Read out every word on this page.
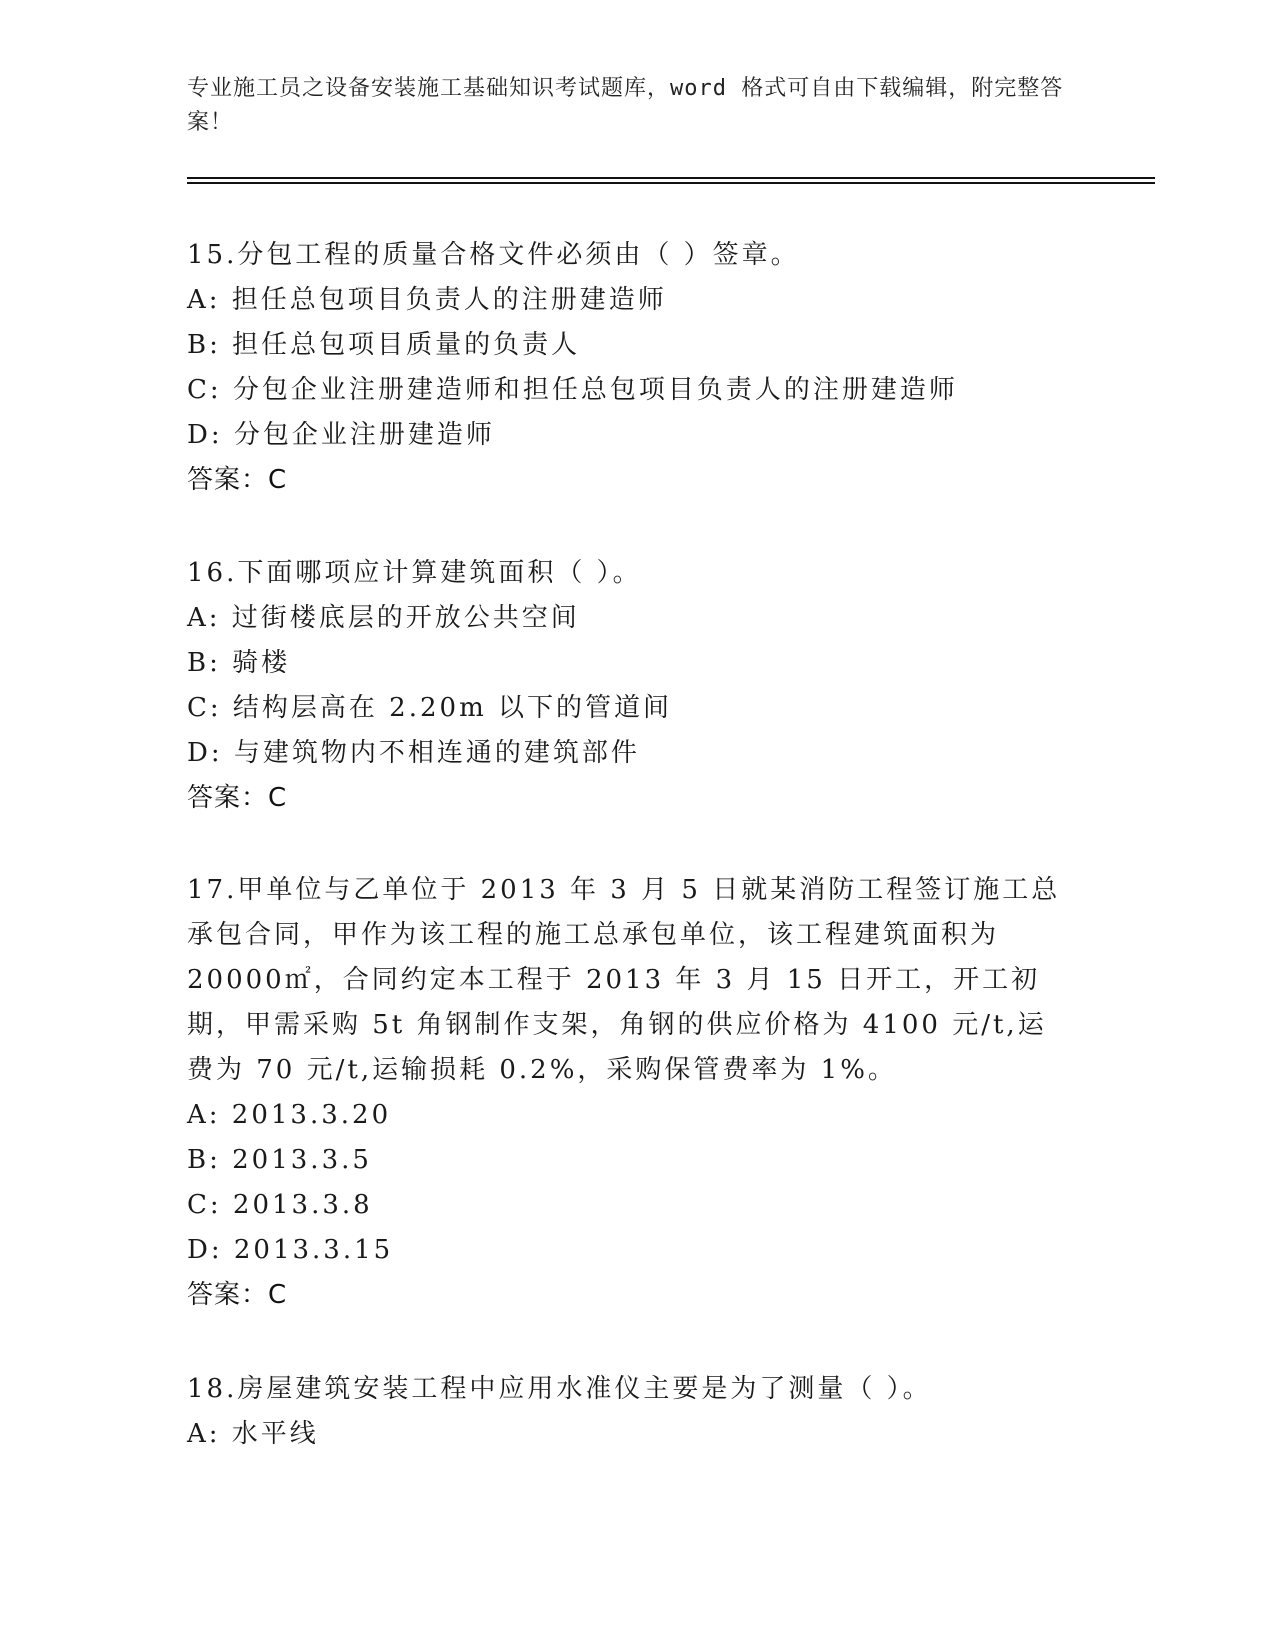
专业施工员之设备安装施工基础知识考试题库，word 格式可自由下载编辑，附完整答案！

15.分包工程的质量合格文件必须由（ ）签章。

A: 担任总包项目负责人的注册建造师

B: 担任总包项目质量的负责人

C: 分包企业注册建造师和担任总包项目负责人的注册建造师

D: 分包企业注册建造师

答案：C

16.下面哪项应计算建筑面积（ ）。

A: 过街楼底层的开放公共空间

B: 骑楼

C: 结构层高在 2.20m 以下的管道间

D: 与建筑物内不相连通的建筑部件

答案：C

17.甲单位与乙单位于 2013 年 3 月 5 日就某消防工程签订施工总承包合同，甲作为该工程的施工总承包单位，该工程建筑面积为 20000㎡，合同约定本工程于 2013 年 3 月 15 日开工，开工初期，甲需采购 5t 角钢制作支架，角钢的供应价格为 4100 元/t,运费为 70 元/t,运输损耗 0.2%，采购保管费率为 1%。

A: 2013.3.20

B: 2013.3.5

C: 2013.3.8

D: 2013.3.15

答案：C

18.房屋建筑安装工程中应用水准仪主要是为了测量（ ）。

A: 水平线
